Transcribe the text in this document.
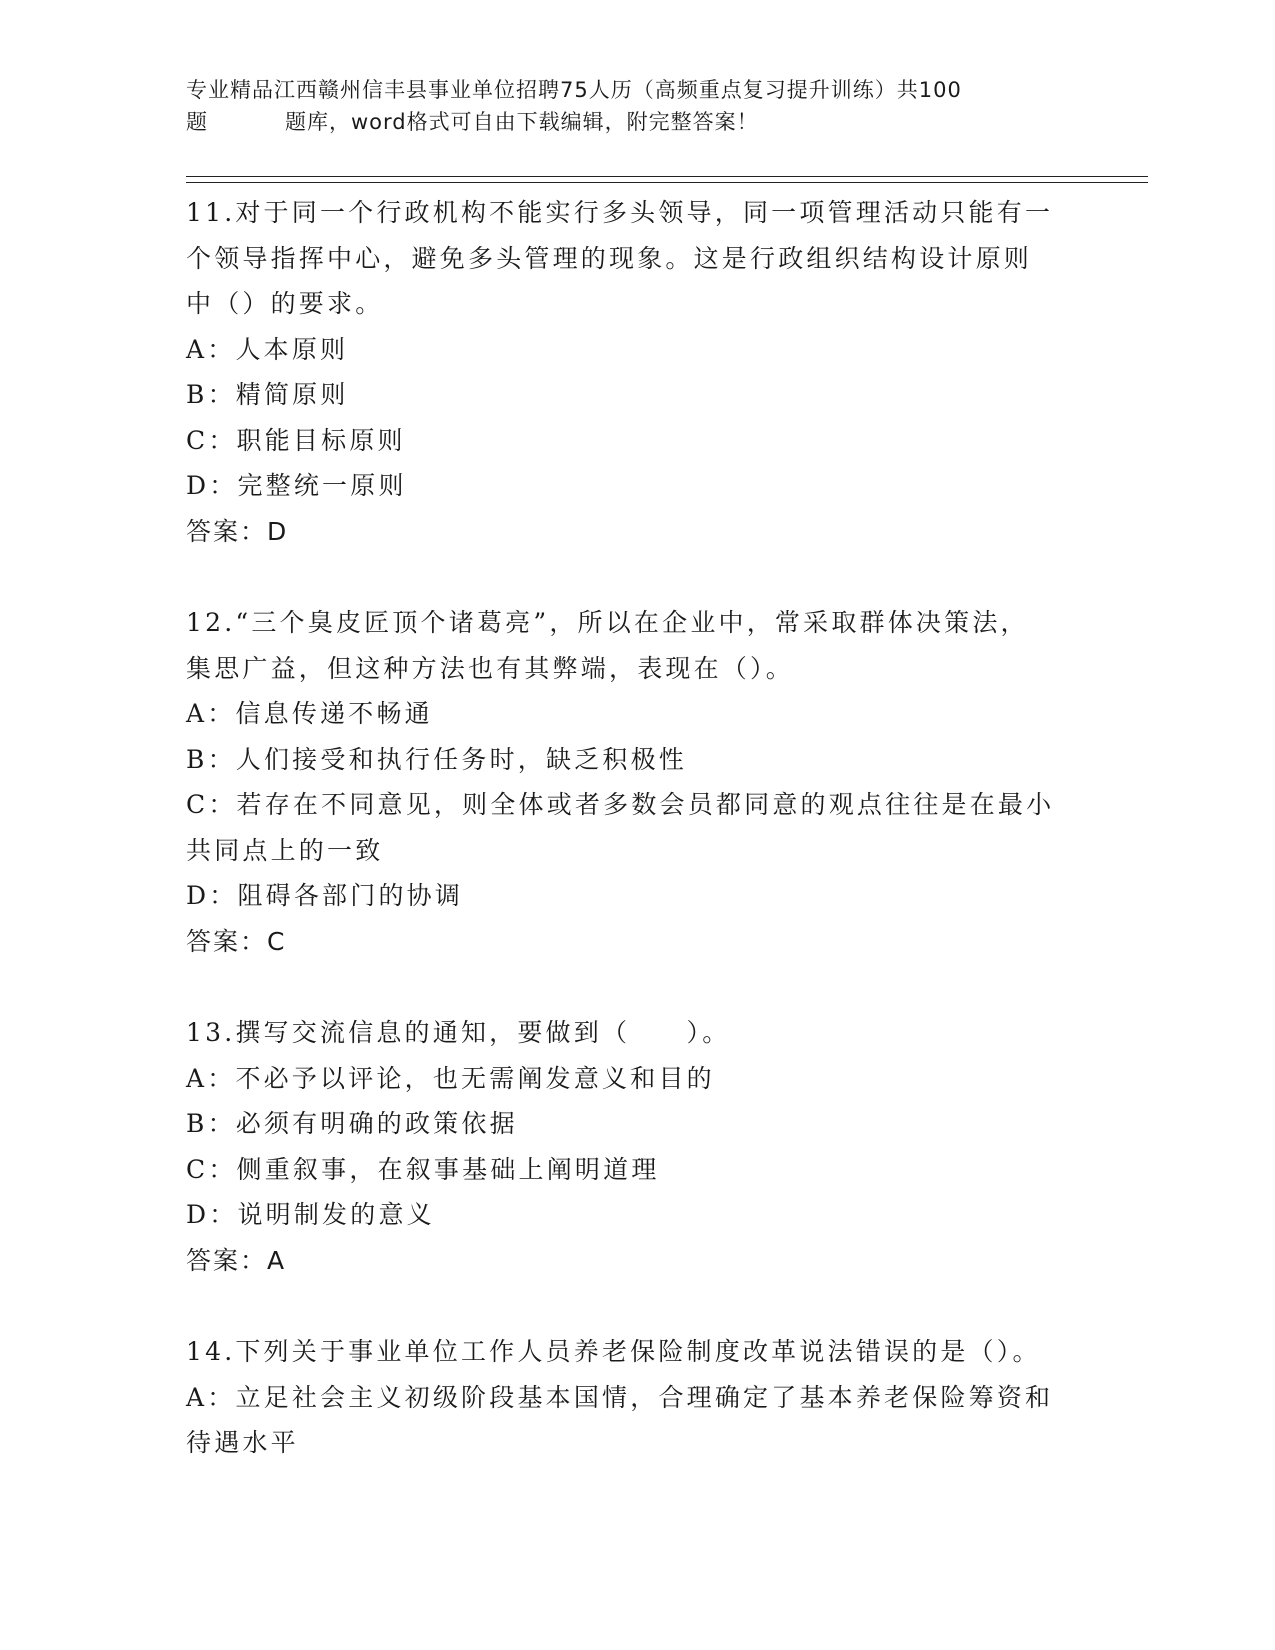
专业精品江西赣州信丰县事业单位招聘75人历（高频重点复习提升训练）共100
题	题库，word格式可自由下载编辑，附完整答案！

11.对于同一个行政机构不能实行多头领导，同一项管理活动只能有一

个领导指挥中心，避免多头管理的现象。这是行政组织结构设计原则

中（）的要求。

A：人本原则

B：精简原则

C：职能目标原则

D：完整统一原则

答案：D

12.“三个臭皮匠顶个诸葛亮”，所以在企业中，常采取群体决策法，

集思广益，但这种方法也有其弊端，表现在（）。

A：信息传递不畅通

B：人们接受和执行任务时，缺乏积极性

C：若存在不同意见，则全体或者多数会员都同意的观点往往是在最小

共同点上的一致

D：阻碍各部门的协调

答案：C

13.撰写交流信息的通知，要做到（　　）。

A：不必予以评论，也无需阐发意义和目的

B：必须有明确的政策依据

C：侧重叙事，在叙事基础上阐明道理

D：说明制发的意义

答案：A

14.下列关于事业单位工作人员养老保险制度改革说法错误的是（）。

A：立足社会主义初级阶段基本国情，合理确定了基本养老保险筹资和

待遇水平
